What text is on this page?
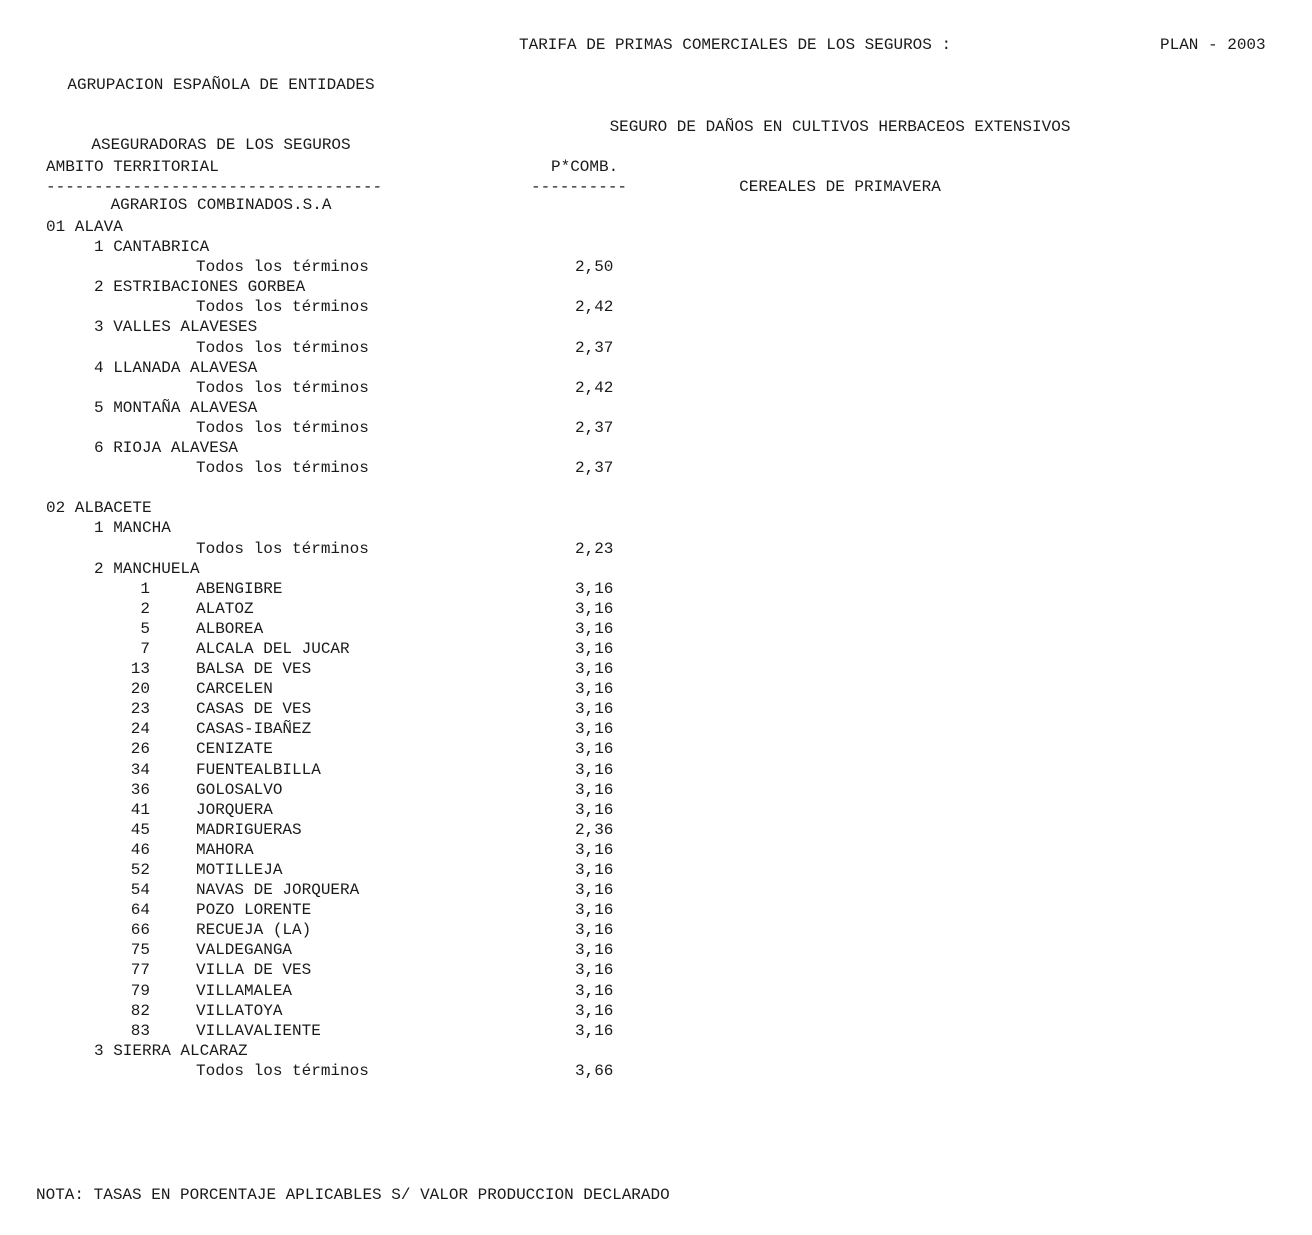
AGRUPACION ESPAÑOLA DE ENTIDADES

ASEGURADORAS DE LOS SEGUROS

AGRARIOS COMBINADOS.S.A

TARIFA DE PRIMAS COMERCIALES DE LOS SEGUROS :	PLAN - 2003

SEGURO DE DAÑOS EN CULTIVOS HERBACEOS EXTENSIVOS

CEREALES DE PRIMAVERA

AMBITO TERRITORIAL	P*COMB.
-----------------------------------	----------
01 ALAVA
1 CANTABRICA
Todos los términos	2,50
2 ESTRIBACIONES GORBEA
Todos los términos	2,42
3 VALLES ALAVESES
Todos los términos	2,37
4 LLANADA ALAVESA
Todos los términos	2,42
5 MONTAÑA ALAVESA
Todos los términos	2,37
6 RIOJA ALAVESA
Todos los términos	2,37
02 ALBACETE
1 MANCHA
Todos los términos	2,23
2 MANCHUELA
1	ABENGIBRE	3,16
2	ALATOZ	3,16
5	ALBOREA	3,16
7	ALCALA DEL JUCAR	3,16
13	BALSA DE VES	3,16
20	CARCELEN	3,16
23	CASAS DE VES	3,16
24	CASAS-IBAÑEZ	3,16
26	CENIZATE	3,16
34	FUENTEALBILLA	3,16
36	GOLOSALVO	3,16
41	JORQUERA	3,16
45	MADRIGUERAS	2,36
46	MAHORA	3,16
52	MOTILLEJA	3,16
54	NAVAS DE JORQUERA	3,16
64	POZO LORENTE	3,16
66	RECUEJA (LA)	3,16
75	VALDEGANGA	3,16
77	VILLA DE VES	3,16
79	VILLAMALEA	3,16
82	VILLATOYA	3,16
83	VILLAVALIENTE	3,16
3 SIERRA ALCARAZ
Todos los términos	3,66
NOTA: TASAS EN PORCENTAJE APLICABLES S/ VALOR PRODUCCION DECLARADO
